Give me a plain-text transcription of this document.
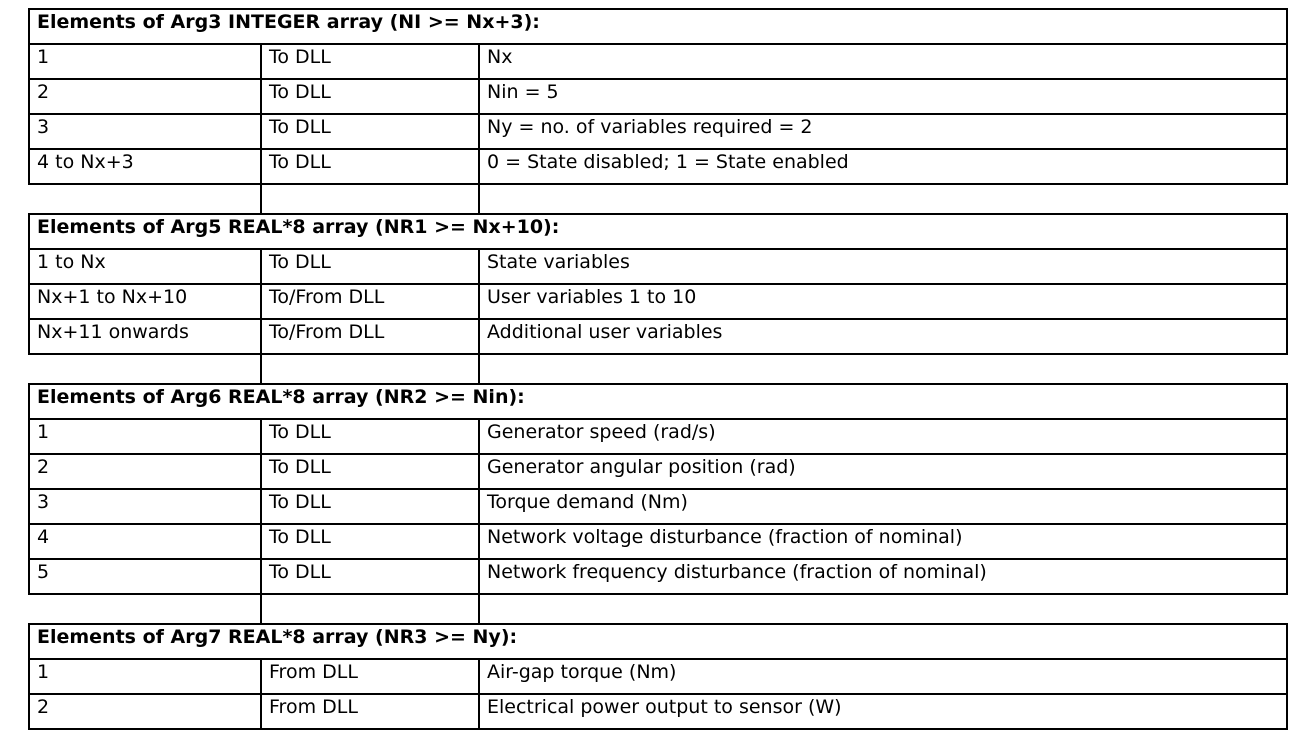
Elements of Arg3 INTEGER array (NI >= Nx+3):		
1	To DLL	Nx
2	To DLL	Nin = 5
3	To DLL	Ny = no. of variables required = 2
4 to Nx+3	To DLL	0 = State disabled; 1 = State enabled

Elements of Arg5 REAL*8 array (NR1 >= Nx+10):		
1 to Nx	To DLL	State variables
Nx+1 to Nx+10	To/From DLL	User variables 1 to 10
Nx+11 onwards	To/From DLL	Additional user variables

Elements of Arg6 REAL*8 array (NR2 >= Nin):		
1	To DLL	Generator speed (rad/s)
2	To DLL	Generator angular position (rad)
3	To DLL	Torque demand (Nm)
4	To DLL	Network voltage disturbance (fraction of nominal)
5	To DLL	Network frequency disturbance (fraction of nominal)

Elements of Arg7 REAL*8 array (NR3 >= Ny):		
1	From DLL	Air-gap torque (Nm)
2	From DLL	Electrical power output to sensor (W)
